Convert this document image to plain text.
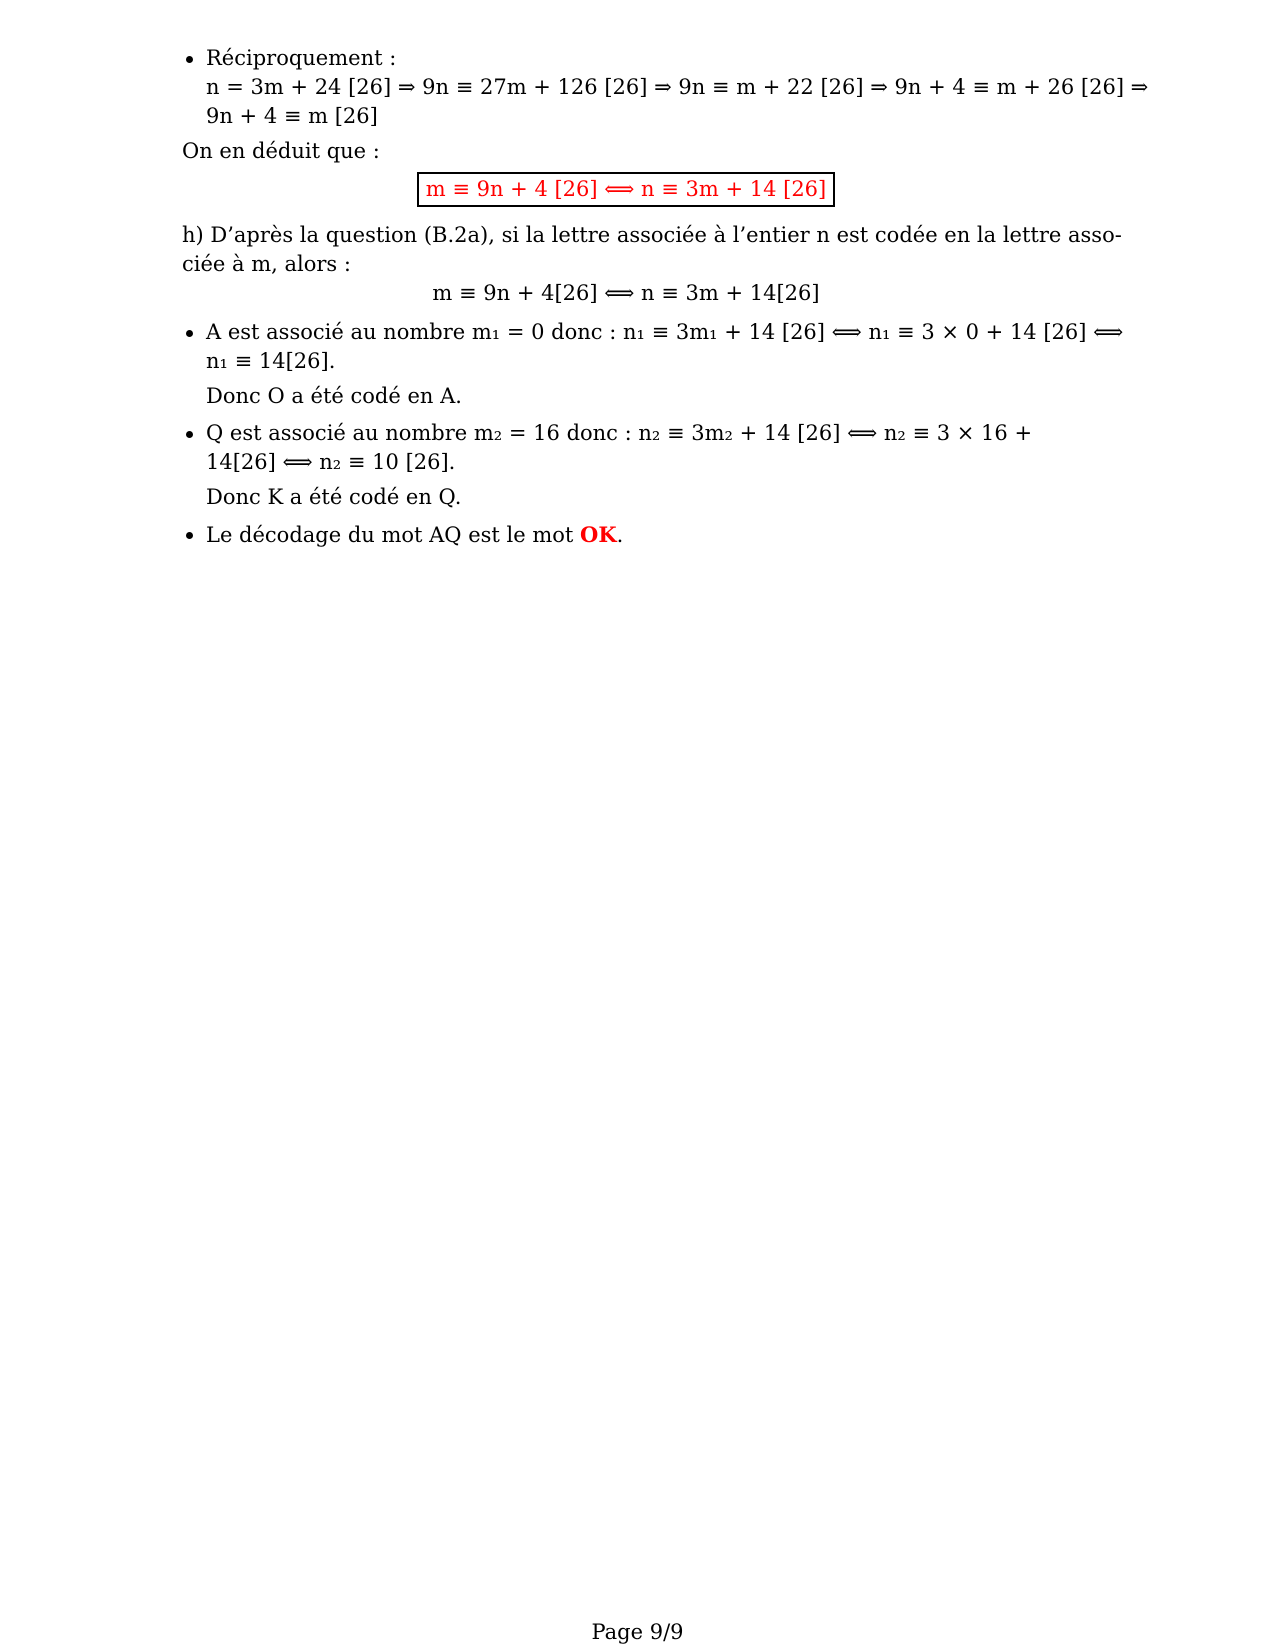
Réciproquement :
n = 3m + 24 [26] ⇒ 9n ≡ 27m + 126 [26] ⇒ 9n ≡ m + 22 [26] ⇒ 9n + 4 ≡ m + 26 [26] ⇒
9n + 4 ≡ m [26]
On en déduit que :
m ≡ 9n + 4 [26] ⟺ n ≡ 3m + 14 [26]
h) D’après la question (B.2a), si la lettre associée à l’entier n est codée en la lettre asso-
ciée à m, alors :
m ≡ 9n + 4[26] ⟺ n ≡ 3m + 14[26]
A est associé au nombre m₁ = 0 donc : n₁ ≡ 3m₁ + 14 [26] ⟺ n₁ ≡ 3 × 0 + 14 [26] ⟺
n₁ ≡ 14[26].
Donc O a été codé en A.
Q est associé au nombre m₂ = 16 donc : n₂ ≡ 3m₂ + 14 [26] ⟺ n₂ ≡ 3 × 16 +
14[26] ⟺ n₂ ≡ 10 [26].
Donc K a été codé en Q.
Le décodage du mot AQ est le mot OK.
Page 9/9
